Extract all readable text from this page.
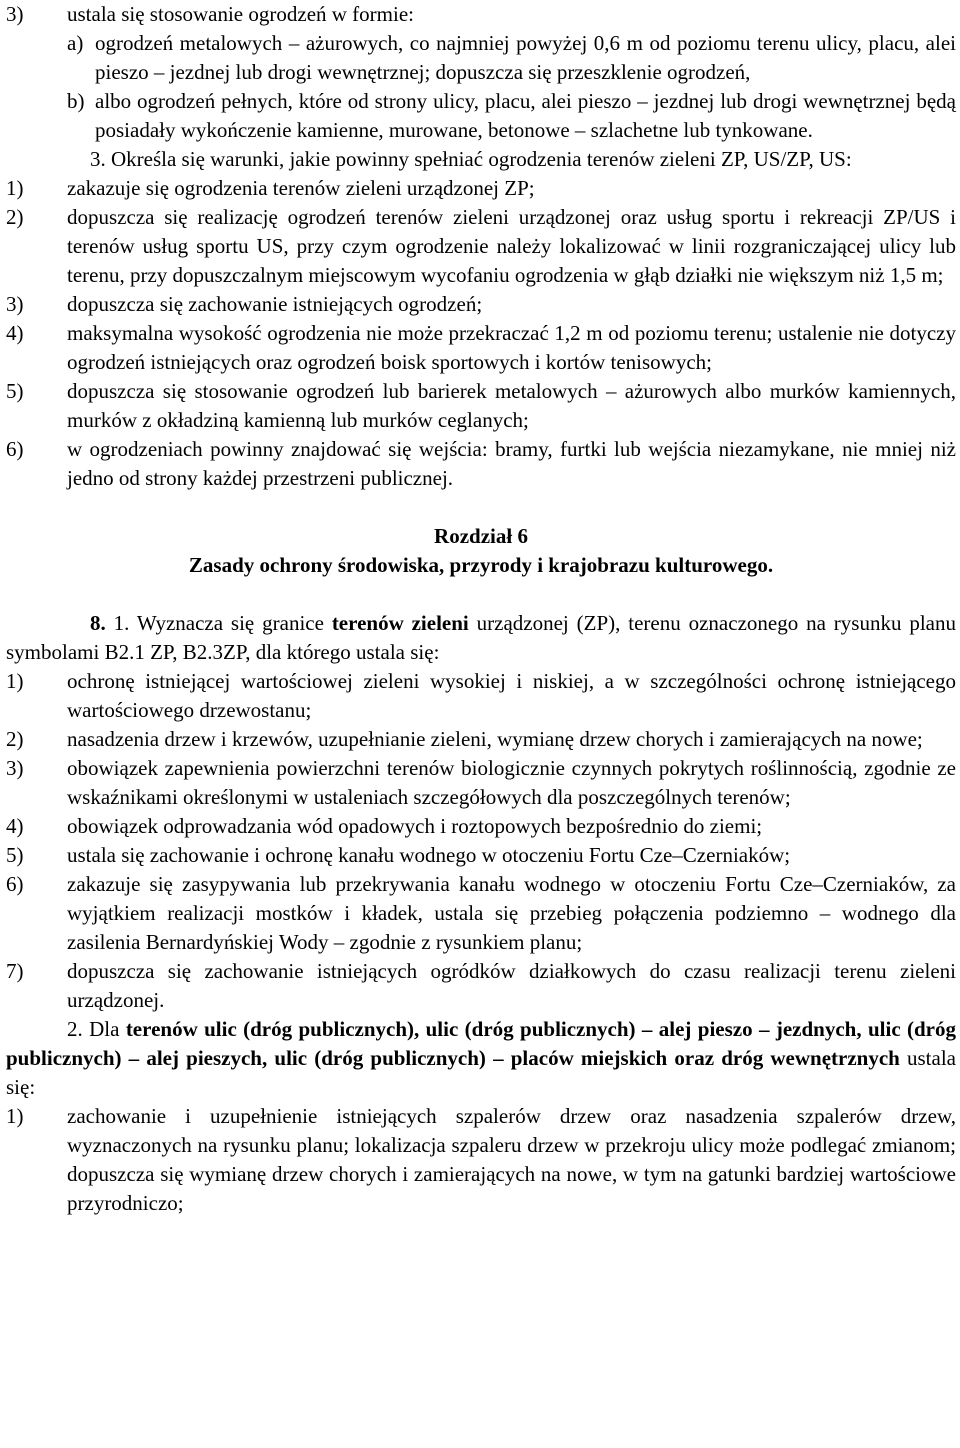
3)	ustala się stosowanie ogrodzeń w formie:
a) ogrodzeń metalowych – ażurowych, co najmniej powyżej 0,6 m od poziomu terenu ulicy, placu, alei pieszo – jezdnej lub drogi wewnętrznej; dopuszcza się przeszklenie ogrodzeń,
b) albo ogrodzeń pełnych, które od strony ulicy, placu, alei pieszo – jezdnej lub drogi wewnętrznej będą posiadały wykończenie kamienne, murowane, betonowe – szlachetne lub tynkowane.
3. Określa się warunki, jakie powinny spełniać ogrodzenia terenów zieleni ZP, US/ZP, US:
1)	zakazuje się ogrodzenia terenów zieleni urządzonej ZP;
2)	dopuszcza się realizację ogrodzeń terenów zieleni urządzonej oraz usług sportu i rekreacji ZP/US i terenów usług sportu US, przy czym ogrodzenie należy lokalizować w linii rozgraniczającej ulicy lub terenu, przy dopuszczalnym miejscowym wycofaniu ogrodzenia w głąb działki nie większym niż 1,5 m;
3)	dopuszcza się zachowanie istniejących ogrodzeń;
4)	maksymalna wysokość ogrodzenia nie może przekraczać 1,2 m od poziomu terenu; ustalenie nie dotyczy ogrodzeń istniejących oraz ogrodzeń boisk sportowych i kortów tenisowych;
5)	dopuszcza się stosowanie ogrodzeń lub barierek metalowych – ażurowych albo murków kamiennych, murków z okładziną kamienną lub murków ceglanych;
6)	w ogrodzeniach powinny znajdować się wejścia: bramy, furtki lub wejścia niezamykane, nie mniej niż jedno od strony każdej przestrzeni publicznej.
Rozdział 6
Zasady ochrony środowiska, przyrody i krajobrazu kulturowego.
8. 1. Wyznacza się granice terenów zieleni urządzonej (ZP), terenu oznaczonego na rysunku planu symbolami B2.1 ZP, B2.3ZP, dla którego ustala się:
1)	ochronę istniejącej wartościowej zieleni wysokiej i niskiej, a w szczególności ochronę istniejącego wartościowego drzewostanu;
2)	nasadzenia drzew i krzewów, uzupełnianie zieleni, wymianę drzew chorych i zamierających na nowe;
3)	obowiązek zapewnienia powierzchni terenów biologicznie czynnych pokrytych roślinnością, zgodnie ze wskaźnikami określonymi w ustaleniach szczegółowych dla poszczególnych terenów;
4)	obowiązek odprowadzania wód opadowych i roztopowych bezpośrednio do ziemi;
5)	ustala się zachowanie i ochronę kanału wodnego w otoczeniu Fortu Cze–Czerniaków;
6)	zakazuje się zasypywania lub przekrywania kanału wodnego w otoczeniu Fortu Cze–Czerniaków, za wyjątkiem realizacji mostków i kładek, ustala się przebieg połączenia podziemno – wodnego dla zasilenia Bernardyńskiej Wody – zgodnie z rysunkiem planu;
7)	dopuszcza się zachowanie istniejących ogródków działkowych do czasu realizacji terenu zieleni urządzonej.
2. Dla terenów ulic (dróg publicznych), ulic (dróg publicznych) – alej pieszo – jezdnych, ulic (dróg publicznych) – alej pieszych, ulic (dróg publicznych) – placów miejskich oraz dróg wewnętrznych ustala się:
1)	zachowanie i uzupełnienie istniejących szpalerów drzew oraz nasadzenia szpalerów drzew, wyznaczonych na rysunku planu; lokalizacja szpaleru drzew w przekroju ulicy może podlegać zmianom; dopuszcza się wymianę drzew chorych i zamierających na nowe, w tym na gatunki bardziej wartościowe przyrodniczo;
